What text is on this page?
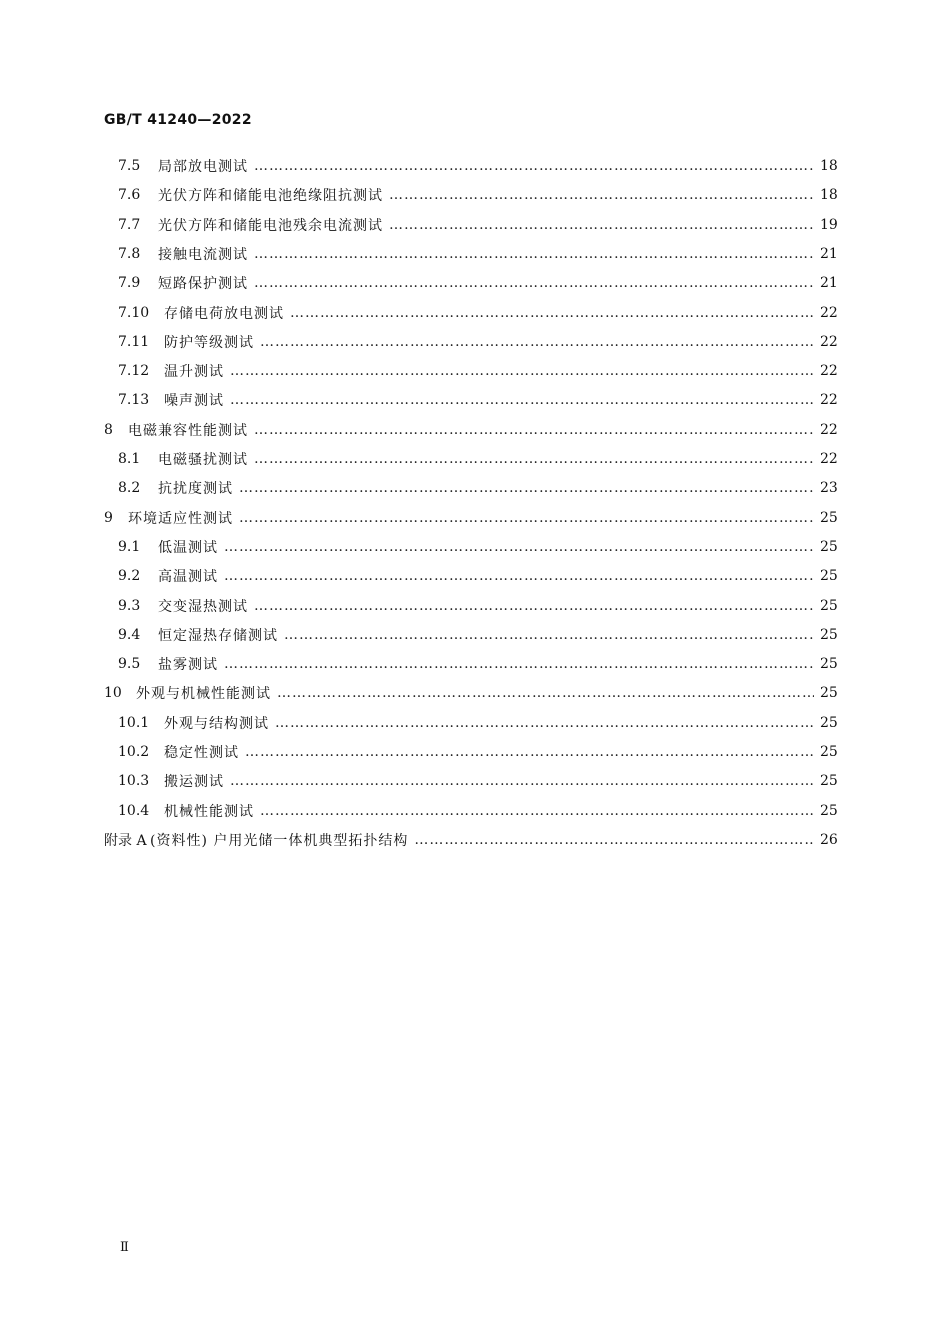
GB/T 41240—2022
7.5	局部放电测试 ……………………………………………………………………………………………………………………………………………………………………………………………	18
7.6	光伏方阵和储能电池绝缘阻抗测试 ……………………………………………………………………………………………………………………………………………………………………………………………	18
7.7	光伏方阵和储能电池残余电流测试 ……………………………………………………………………………………………………………………………………………………………………………………………	19
7.8	接触电流测试 ……………………………………………………………………………………………………………………………………………………………………………………………	21
7.9	短路保护测试 ……………………………………………………………………………………………………………………………………………………………………………………………	21
7.10	存储电荷放电测试 ……………………………………………………………………………………………………………………………………………………………………………………………	22
7.11	防护等级测试 ……………………………………………………………………………………………………………………………………………………………………………………………	22
7.12	温升测试 ……………………………………………………………………………………………………………………………………………………………………………………………	22
7.13	噪声测试 ……………………………………………………………………………………………………………………………………………………………………………………………	22
8	电磁兼容性能测试 ……………………………………………………………………………………………………………………………………………………………………………………………	22
8.1	电磁骚扰测试 ……………………………………………………………………………………………………………………………………………………………………………………………	22
8.2	抗扰度测试 ……………………………………………………………………………………………………………………………………………………………………………………………	23
9	环境适应性测试 ……………………………………………………………………………………………………………………………………………………………………………………………	25
9.1	低温测试 ……………………………………………………………………………………………………………………………………………………………………………………………	25
9.2	高温测试 ……………………………………………………………………………………………………………………………………………………………………………………………	25
9.3	交变湿热测试 ……………………………………………………………………………………………………………………………………………………………………………………………	25
9.4	恒定湿热存储测试 ……………………………………………………………………………………………………………………………………………………………………………………………	25
9.5	盐雾测试 ……………………………………………………………………………………………………………………………………………………………………………………………	25
10	外观与机械性能测试 ……………………………………………………………………………………………………………………………………………………………………………………………	25
10.1	外观与结构测试 ……………………………………………………………………………………………………………………………………………………………………………………………	25
10.2	稳定性测试 ……………………………………………………………………………………………………………………………………………………………………………………………	25
10.3	搬运测试 ……………………………………………………………………………………………………………………………………………………………………………………………	25
10.4	机械性能测试 ……………………………………………………………………………………………………………………………………………………………………………………………	25
附录 A (资料性) 户用光储一体机典型拓扑结构 ……………………………………………………………………………………………………………………………………………………………………………………………	26
Ⅱ
